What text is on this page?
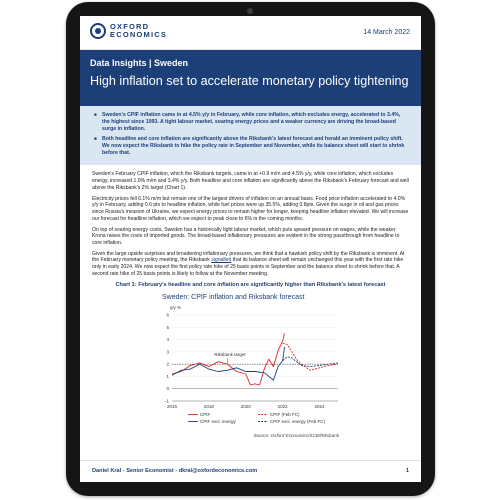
OXFORD
ECONOMICS	14 March 2022
Data Insights | Sweden
High inflation set to accelerate monetary policy tightening
■ Sweden's CPIF inflation came in at 4.5% y/y in February, while core inflation, which excludes energy, accelerated to 3.4%, the highest since 1993. A tight labour market, soaring energy prices and a weaker currency are driving the broad-based surge in inflation.
■ Both headline and core inflation are significantly above the Riksbank's latest forecast and herald an imminent policy shift. We now expect the Riksbank to hike the policy rate in September and November, while its balance sheet will start to shrink before that.

Sweden's February CPIF inflation, which the Riksbank targets, came in at +0.9 m/m and 4.5% y/y, while core inflation, which excludes energy, increased 1.0% m/m and 3.4% y/y. Both headline and core inflation are significantly above the Riksbank's February forecast and well above the Riksbank's 2% target (Chart 1).

Electricity prices fell 6.1% m/m but remain one of the largest drivers of inflation on an annual basis. Food price inflation accelerated to 4.0% y/y in February, adding 0.6 pts to headline inflation, while fuel prices were up 35.5%, adding 0.8pts. Given the surge in oil and gas prices since Russia's invasion of Ukraine, we expect energy prices to remain higher for longer, keeping headline inflation elevated. We will increase our forecast for headline inflation, which we expect to peak close to 6% in the coming months.

On top of soaring energy costs, Sweden has a historically tight labour market, which puts upward pressure on wages, while the weaker Krona raises the costs of imported goods. The broad-based inflationary pressures are evident in the strong passthrough from headline to core inflation.

Given the large upside surprises and broadening inflationary pressures, we think that a hawkish policy shift by the Riksbank is imminent. At the February monetary policy meeting, the Riksbank signalled that its balance sheet will remain unchanged this year with the first rate hike only in early 2024. We now expect the first policy rate hike of 25 basis points in September and the balance sheet to shrink before that. A second rate hike of 25 basis points is likely to follow at the November meeting.

Chart 1: February's headline and core inflation are significantly higher than Riksbank's latest forecast
Sweden: CPIF inflation and Riksbank forecast
y/y %
-1
0
1
2
3
4
5
6
2016	2018	2020	2022	2024
Riksbank target
CPIF	CPIF (Feb FC)
CPIF excl. energy	CPIF excl. energy (Feb FC)
Source: Oxford Economics/SCB/Riksbank
Daniel Kral - Senior Economist - dkral@oxfordeconomics.com	1
